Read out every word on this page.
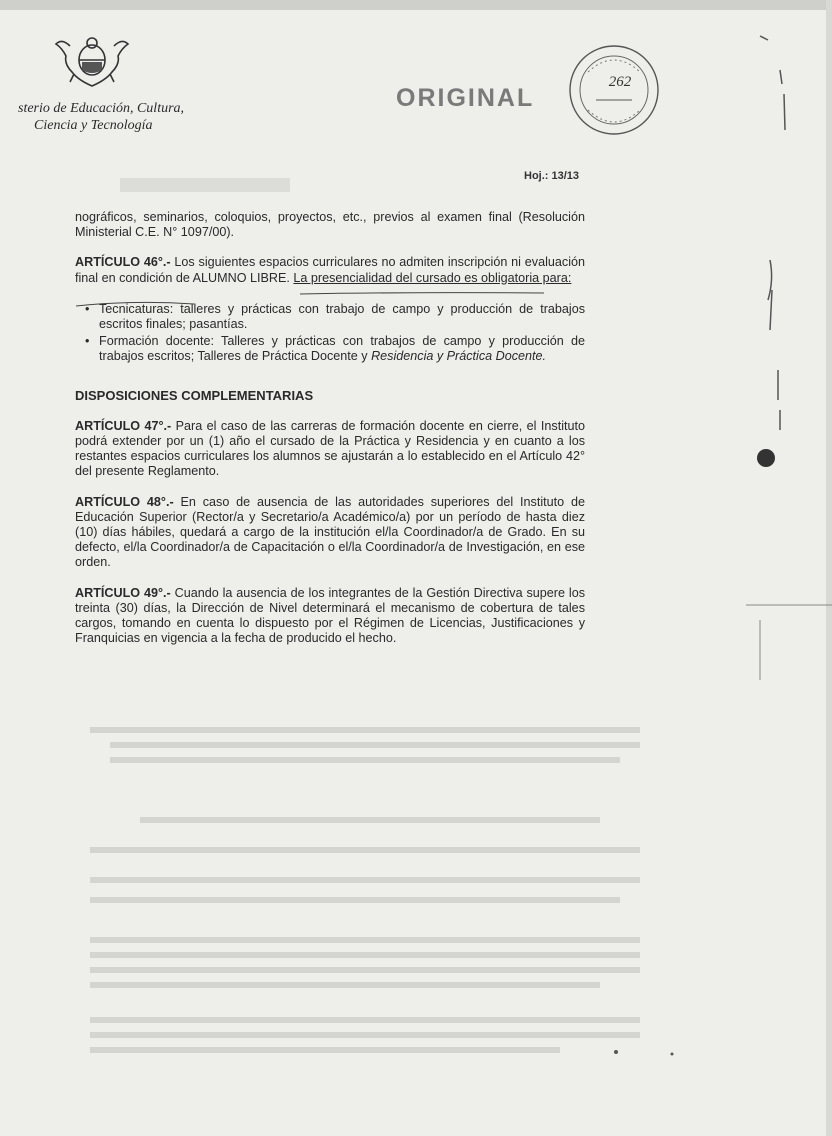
sterio de Educación, Cultura,
Ciencia y Tecnología
ORIGINAL
262
Hoj.: 13/13

nográficos, seminarios, coloquios, proyectos, etc., previos al examen final (Resolución Ministerial C.E. N° 1097/00).

ARTÍCULO 46°.- Los siguientes espacios curriculares no admiten inscripción ni evaluación final en condición de ALUMNO LIBRE. La presencialidad del cursado es obligatoria para:

• Tecnicaturas: talleres y prácticas con trabajo de campo y producción de trabajos escritos finales; pasantías.
• Formación docente: Talleres y prácticas con trabajos de campo y producción de trabajos escritos; Talleres de Práctica Docente y Residencia y Práctica Docente.

DISPOSICIONES COMPLEMENTARIAS

ARTÍCULO 47°.- Para el caso de las carreras de formación docente en cierre, el Instituto podrá extender por un (1) año el cursado de la Práctica y Residencia y en cuanto a los restantes espacios curriculares los alumnos se ajustarán a lo establecido en el Artículo 42° del presente Reglamento.

ARTÍCULO 48°.- En caso de ausencia de las autoridades superiores del Instituto de Educación Superior (Rector/a y Secretario/a Académico/a) por un período de hasta diez (10) días hábiles, quedará a cargo de la institución el/la Coordinador/a de Grado. En su defecto, el/la Coordinador/a de Capacitación o el/la Coordinador/a de Investigación, en ese orden.

ARTÍCULO 49°.- Cuando la ausencia de los integrantes de la Gestión Directiva supere los treinta (30) días, la Dirección de Nivel determinará el mecanismo de cobertura de tales cargos, tomando en cuenta lo dispuesto por el Régimen de Licencias, Justificaciones y Franquicias en vigencia a la fecha de producido el hecho.
